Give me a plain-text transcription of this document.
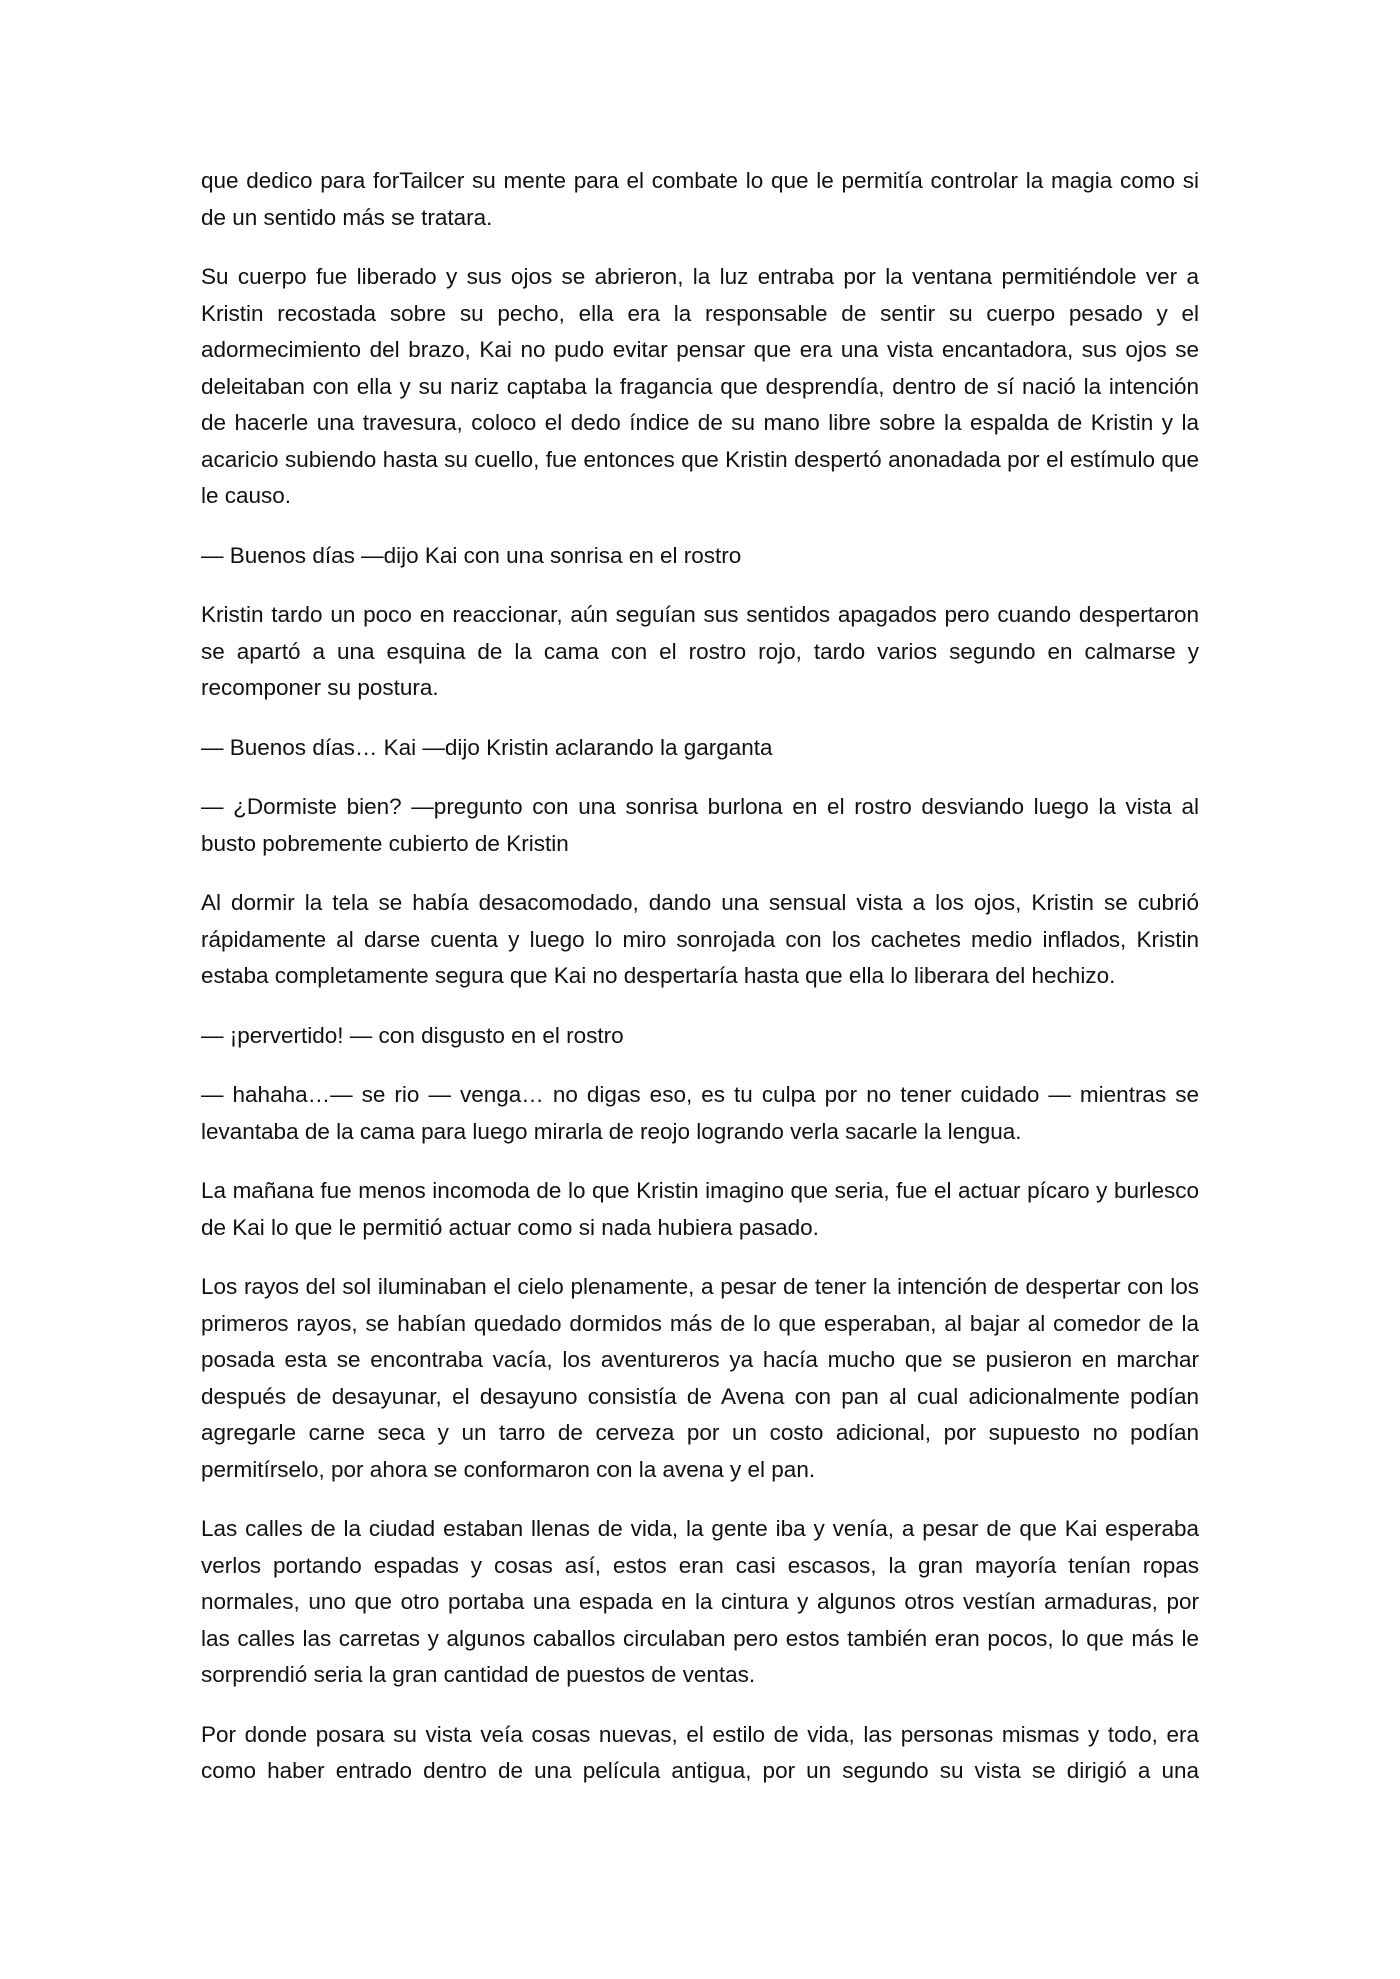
que dedico para forTailcer su mente para el combate lo que le permitía controlar la magia como si de un sentido más se tratara.

Su cuerpo fue liberado y sus ojos se abrieron, la luz entraba por la ventana permitiéndole ver a Kristin recostada sobre su pecho, ella era la responsable de sentir su cuerpo pesado y el adormecimiento del brazo, Kai no pudo evitar pensar que era una vista encantadora, sus ojos se deleitaban con ella y su nariz captaba la fragancia que desprendía, dentro de sí nació la intención de hacerle una travesura, coloco el dedo índice de su mano libre sobre la espalda de Kristin y la acaricio subiendo hasta su cuello, fue entonces que Kristin despertó anonadada por el estímulo que le causo.

— Buenos días —dijo Kai con una sonrisa en el rostro

Kristin tardo un poco en reaccionar, aún seguían sus sentidos apagados pero cuando despertaron se apartó a una esquina de la cama con el rostro rojo, tardo varios segundo en calmarse y recomponer su postura.

— Buenos días… Kai —dijo Kristin aclarando la garganta

— ¿Dormiste bien? —pregunto con una sonrisa burlona en el rostro desviando luego la vista al busto pobremente cubierto de Kristin

Al dormir la tela se había desacomodado, dando una sensual vista a los ojos, Kristin se cubrió rápidamente al darse cuenta y luego lo miro sonrojada con los cachetes medio inflados, Kristin estaba completamente segura que Kai no despertaría hasta que ella lo liberara del hechizo.

— ¡pervertido! — con disgusto en el rostro

— hahaha…— se rio — venga… no digas eso, es tu culpa por no tener cuidado — mientras se levantaba de la cama para luego mirarla de reojo logrando verla sacarle la lengua.

La mañana fue menos incomoda de lo que Kristin imagino que seria, fue el actuar pícaro y burlesco de Kai lo que le permitió actuar como si nada hubiera pasado.

Los rayos del sol iluminaban el cielo plenamente, a pesar de tener la intención de despertar con los primeros rayos, se habían quedado dormidos más de lo que esperaban, al bajar al comedor de la posada esta se encontraba vacía, los aventureros ya hacía mucho que se pusieron en marchar después de desayunar, el desayuno consistía de Avena con pan al cual adicionalmente podían agregarle carne seca y un tarro de cerveza por un costo adicional, por supuesto no podían permitírselo, por ahora se conformaron con la avena y el pan.

Las calles de la ciudad estaban llenas de vida, la gente iba y venía, a pesar de que Kai esperaba verlos portando espadas y cosas así, estos eran casi escasos, la gran mayoría tenían ropas normales, uno que otro portaba una espada en la cintura y algunos otros vestían armaduras, por las calles las carretas y algunos caballos circulaban pero estos también eran pocos, lo que más le sorprendió seria la gran cantidad de puestos de ventas.

Por donde posara su vista veía cosas nuevas, el estilo de vida, las personas mismas y todo, era como haber entrado dentro de una película antigua, por un segundo su vista se dirigió a una
